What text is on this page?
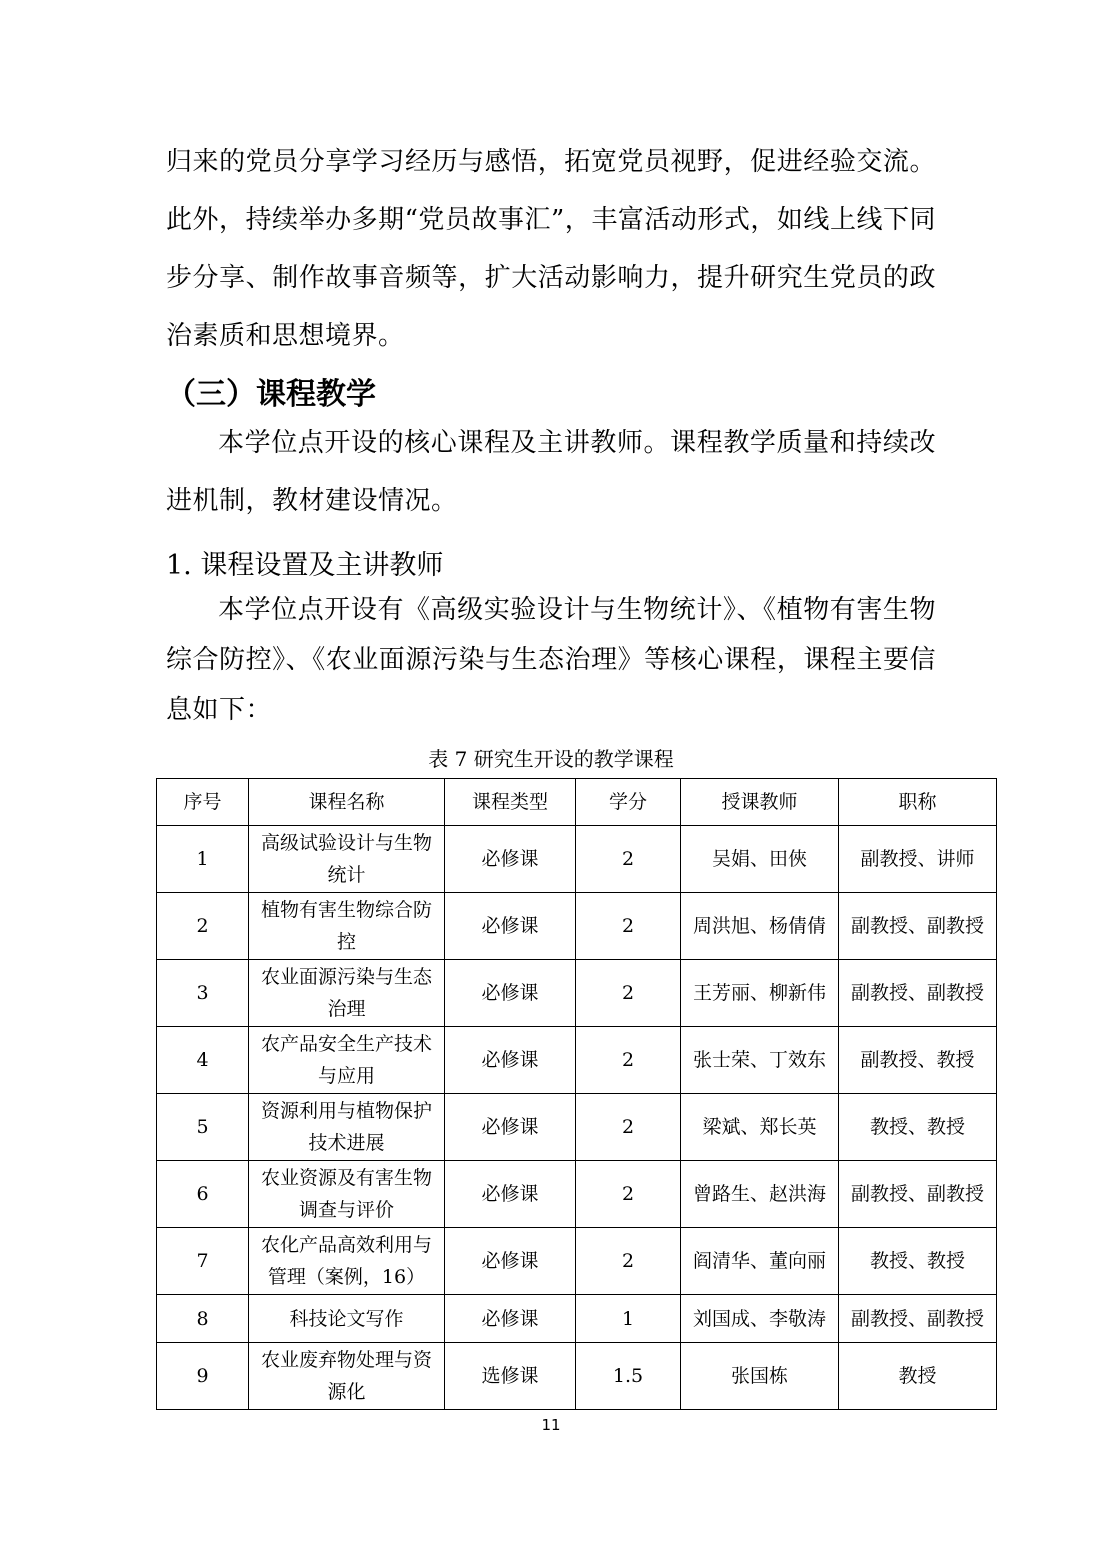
归来的党员分享学习经历与感悟，拓宽党员视野，促进经验交流。此外，持续举办多期“党员故事汇”，丰富活动形式，如线上线下同步分享、制作故事音频等，扩大活动影响力，提升研究生党员的政治素质和思想境界。
（三）课程教学
本学位点开设的核心课程及主讲教师。课程教学质量和持续改进机制，教材建设情况。
1. 课程设置及主讲教师
本学位点开设有《高级实验设计与生物统计》、《植物有害生物综合防控》、《农业面源污染与生态治理》等核心课程，课程主要信息如下：
表 7 研究生开设的教学课程
序号	课程名称	课程类型	学分	授课教师	职称
1	高级试验设计与生物统计	必修课	2	吴娟、田俠	副教授、讲师
2	植物有害生物综合防控	必修课	2	周洪旭、杨倩倩	副教授、副教授
3	农业面源污染与生态治理	必修课	2	王芳丽、柳新伟	副教授、副教授
4	农产品安全生产技术与应用	必修课	2	张士荣、丁效东	副教授、教授
5	资源利用与植物保护技术进展	必修课	2	梁斌、郑长英	教授、教授
6	农业资源及有害生物调查与评价	必修课	2	曾路生、赵洪海	副教授、副教授
7	农化产品高效利用与管理（案例，16）	必修课	2	阎清华、董向丽	教授、教授
8	科技论文写作	必修课	1	刘国成、李敬涛	副教授、副教授
9	农业废弃物处理与资源化	选修课	1.5	张国栋	教授
11
